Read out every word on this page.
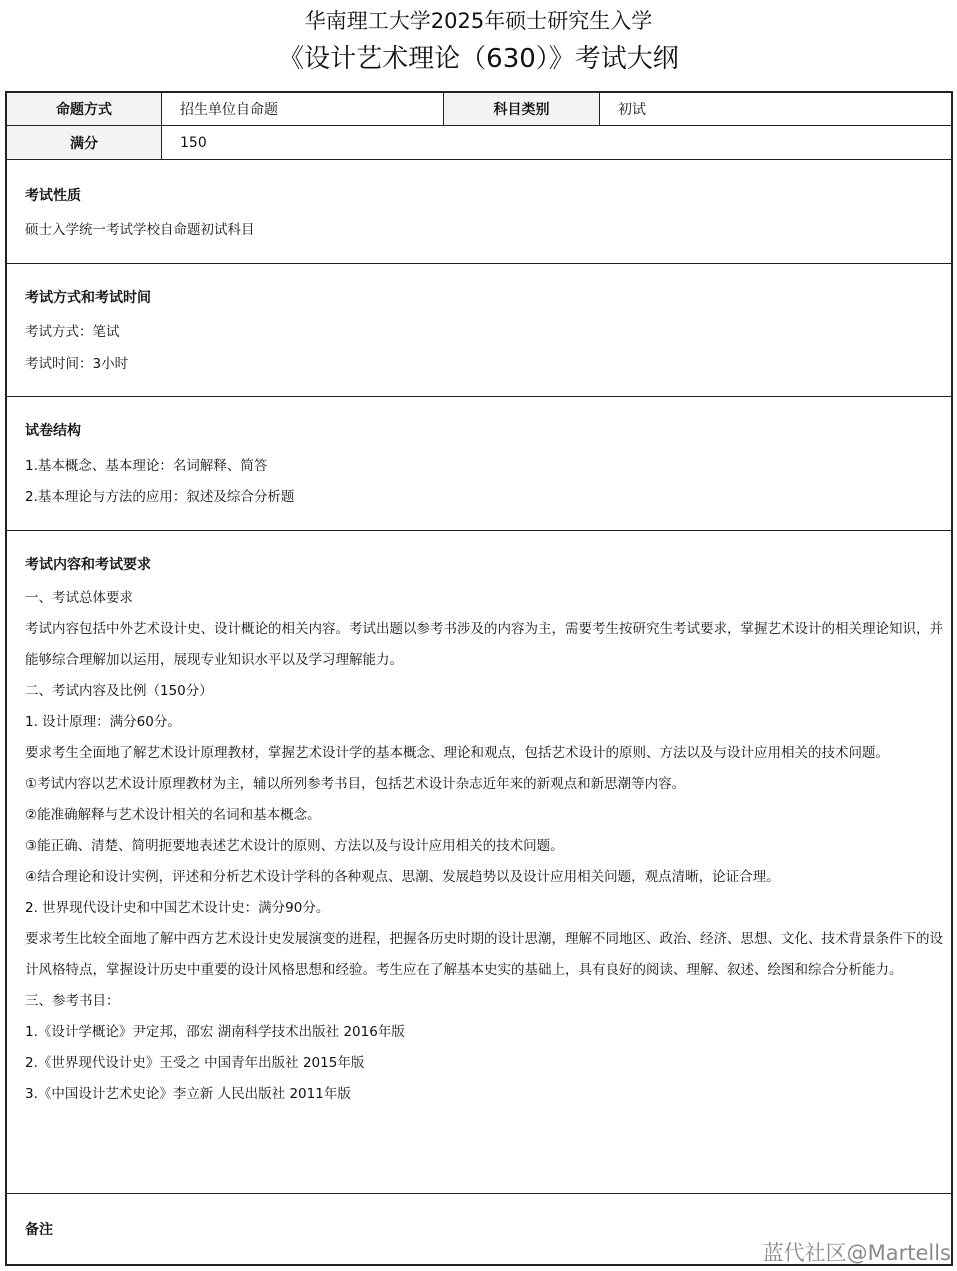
华南理工大学2025年硕士研究生入学
《设计艺术理论（630）》考试大纲
命题方式	招生单位自命题	科目类别	初试
满分	150
考试性质
硕士入学统一考试学校自命题初试科目
考试方式和考试时间
考试方式：笔试
考试时间：3小时
试卷结构
1.基本概念、基本理论：名词解释、简答
2.基本理论与方法的应用：叙述及综合分析题
考试内容和考试要求
一、考试总体要求
考试内容包括中外艺术设计史、设计概论的相关内容。考试出题以参考书涉及的内容为主，需要考生按研究生考试要求，掌握艺术设计的相关理论知识，并能够综合理解加以运用，展现专业知识水平以及学习理解能力。
二、考试内容及比例（150分）
1. 设计原理：满分60分。
要求考生全面地了解艺术设计原理教材，掌握艺术设计学的基本概念、理论和观点，包括艺术设计的原则、方法以及与设计应用相关的技术问题。
①考试内容以艺术设计原理教材为主，辅以所列参考书目，包括艺术设计杂志近年来的新观点和新思潮等内容。
②能准确解释与艺术设计相关的名词和基本概念。
③能正确、清楚、简明扼要地表述艺术设计的原则、方法以及与设计应用相关的技术问题。
④结合理论和设计实例，评述和分析艺术设计学科的各种观点、思潮、发展趋势以及设计应用相关问题，观点清晰，论证合理。
2. 世界现代设计史和中国艺术设计史：满分90分。
要求考生比较全面地了解中西方艺术设计史发展演变的进程，把握各历史时期的设计思潮，理解不同地区、政治、经济、思想、文化、技术背景条件下的设计风格特点，掌握设计历史中重要的设计风格思想和经验。考生应在了解基本史实的基础上，具有良好的阅读、理解、叙述、绘图和综合分析能力。
三、参考书目：
1.《设计学概论》尹定邦，邵宏 湖南科学技术出版社 2016年版
2.《世界现代设计史》王受之 中国青年出版社 2015年版
3.《中国设计艺术史论》李立新 人民出版社 2011年版
备注
蓝代社区@Martells
